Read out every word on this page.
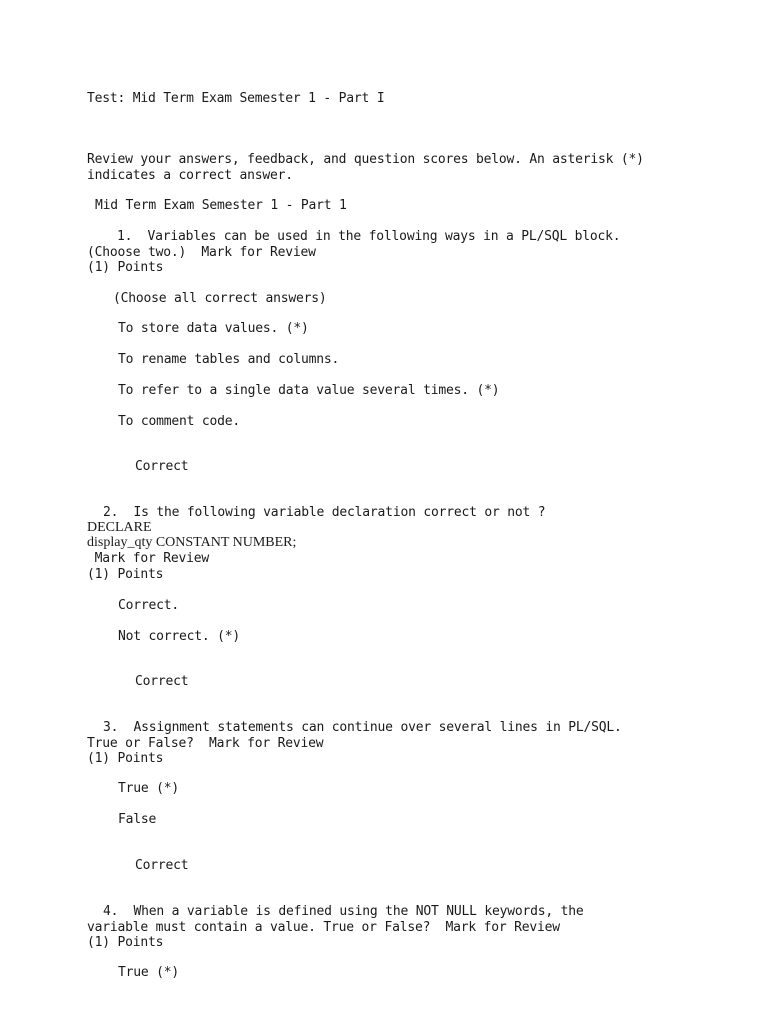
Test: Mid Term Exam Semester 1 - Part I
Review your answers, feedback, and question scores below. An asterisk (*)
indicates a correct answer.
Mid Term Exam Semester 1 - Part 1
1.  Variables can be used in the following ways in a PL/SQL block.
(Choose two.)  Mark for Review
(1) Points
(Choose all correct answers)
To store data values. (*)
To rename tables and columns.
To refer to a single data value several times. (*)
To comment code.
Correct
2.  Is the following variable declaration correct or not ?
DECLARE
display_qty CONSTANT NUMBER;
Mark for Review
(1) Points
Correct.
Not correct. (*)
Correct
3.  Assignment statements can continue over several lines in PL/SQL.
True or False?  Mark for Review
(1) Points
True (*)
False
Correct
4.  When a variable is defined using the NOT NULL keywords, the
variable must contain a value. True or False?  Mark for Review
(1) Points
True (*)
